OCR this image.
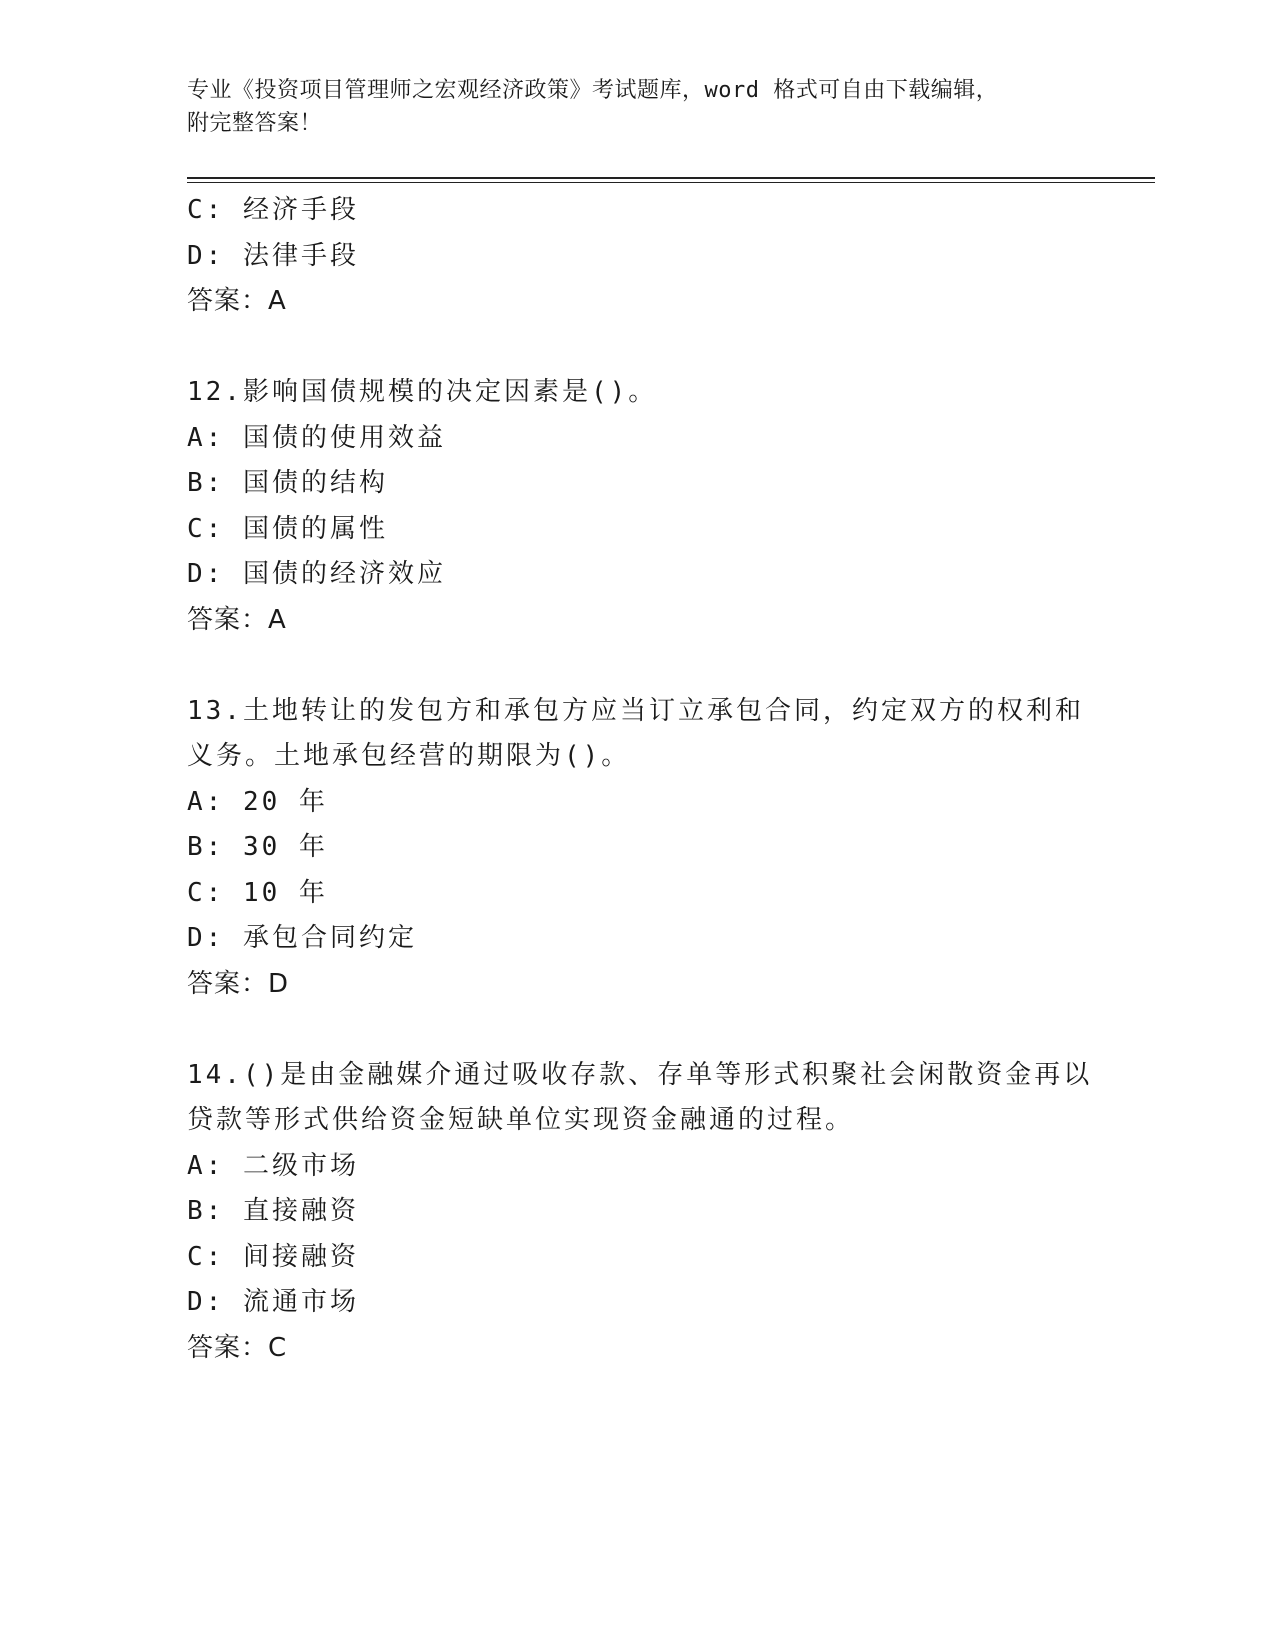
专业《投资项目管理师之宏观经济政策》考试题库，word 格式可自由下载编辑，
附完整答案！
C: 经济手段
D: 法律手段
答案：A
12.影响国债规模的决定因素是()。
A: 国债的使用效益
B: 国债的结构
C: 国债的属性
D: 国债的经济效应
答案：A
13.土地转让的发包方和承包方应当订立承包合同，约定双方的权利和
义务。土地承包经营的期限为()。
A: 20 年
B: 30 年
C: 10 年
D: 承包合同约定
答案：D
14.()是由金融媒介通过吸收存款、存单等形式积聚社会闲散资金再以
贷款等形式供给资金短缺单位实现资金融通的过程。
A: 二级市场
B: 直接融资
C: 间接融资
D: 流通市场
答案：C
